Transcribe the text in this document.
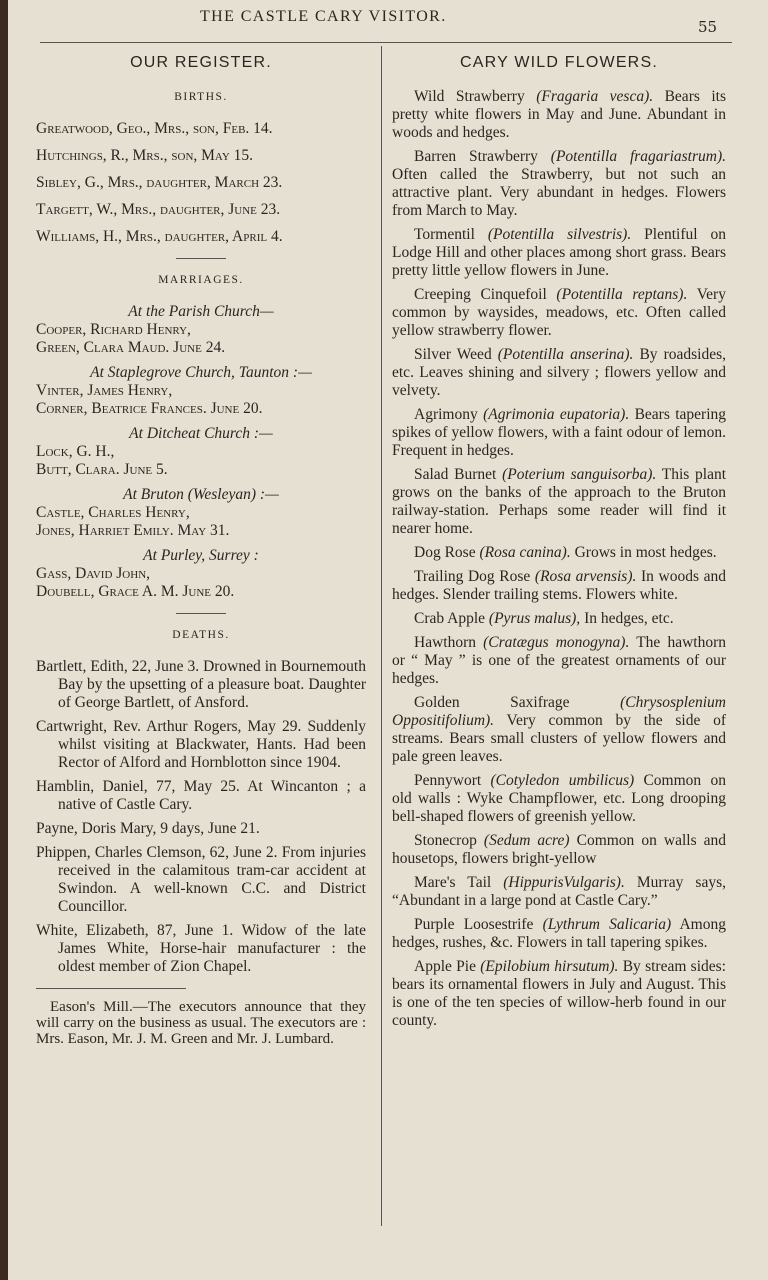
THE CASTLE CARY VISITOR.
55
OUR REGISTER.
BIRTHS.
Greatwood, Geo., Mrs., son, Feb. 14.
Hutchings, R., Mrs., son, May 15.
Sibley, G., Mrs., daughter, March 23.
Targett, W., Mrs., daughter, June 23.
Williams, H., Mrs., daughter, April 4.
MARRIAGES.
At the Parish Church—
Cooper, Richard Henry,
Green, Clara Maud. June 24.
At Staplegrove Church, Taunton :—
Vinter, James Henry,
Corner, Beatrice Frances. June 20.
At Ditcheat Church :—
Lock, G. H.,
Butt, Clara. June 5.
At Bruton (Wesleyan) :—
Castle, Charles Henry,
Jones, Harriet Emily. May 31.
At Purley, Surrey :
Gass, David John,
Doubell, Grace A. M. June 20.
DEATHS.
Bartlett, Edith, 22, June 3. Drowned in Bournemouth Bay by the upsetting of a pleasure boat. Daughter of George Bartlett, of Ansford.
Cartwright, Rev. Arthur Rogers, May 29. Suddenly whilst visiting at Blackwater, Hants. Had been Rector of Alford and Hornblotton since 1904.
Hamblin, Daniel, 77, May 25. At Wincanton ; a native of Castle Cary.
Payne, Doris Mary, 9 days, June 21.
Phippen, Charles Clemson, 62, June 2. From injuries received in the calamitous tram-car accident at Swindon. A well-known C.C. and District Councillor.
White, Elizabeth, 87, June 1. Widow of the late James White, Horse-hair manufacturer : the oldest member of Zion Chapel.
Eason's Mill.—The executors announce that they will carry on the business as usual. The executors are : Mrs. Eason, Mr. J. M. Green and Mr. J. Lumbard.
CARY WILD FLOWERS.
Wild Strawberry (Fragaria vesca). Bears its pretty white flowers in May and June. Abundant in woods and hedges.
Barren Strawberry (Potentilla fragariastrum). Often called the Strawberry, but not such an attractive plant. Very abundant in hedges. Flowers from March to May.
Tormentil (Potentilla silvestris). Plentiful on Lodge Hill and other places among short grass. Bears pretty little yellow flowers in June.
Creeping Cinquefoil (Potentilla reptans). Very common by waysides, meadows, etc. Often called yellow strawberry flower.
Silver Weed (Potentilla anserina). By roadsides, etc. Leaves shining and silvery ; flowers yellow and velvety.
Agrimony (Agrimonia eupatoria). Bears tapering spikes of yellow flowers, with a faint odour of lemon. Frequent in hedges.
Salad Burnet (Poterium sanguisorba). This plant grows on the banks of the approach to the Bruton railway-station. Perhaps some reader will find it nearer home.
Dog Rose (Rosa canina). Grows in most hedges.
Trailing Dog Rose (Rosa arvensis). In woods and hedges. Slender trailing stems. Flowers white.
Crab Apple (Pyrus malus), In hedges, etc.
Hawthorn (Cratægus monogyna). The hawthorn or “ May ” is one of the greatest ornaments of our hedges.
Golden Saxifrage	(Chrysosplenium Oppositifolium). Very common by the side of streams. Bears small clusters of yellow flowers and pale green leaves.
Pennywort (Cotyledon umbilicus) Common on old walls : Wyke Champflower, etc. Long drooping bell-shaped flowers of greenish yellow.
Stonecrop (Sedum acre) Common on walls and housetops, flowers bright-yellow
Mare's Tail (HippurisVulgaris). Murray says, “Abundant in a large pond at Castle Cary.”
Purple Loosestrife (Lythrum Salicaria) Among hedges, rushes, &c. Flowers in tall tapering spikes.
Apple Pie (Epilobium hirsutum). By stream sides: bears its ornamental flowers in July and August. This is one of the ten species of willow-herb found in our county.
